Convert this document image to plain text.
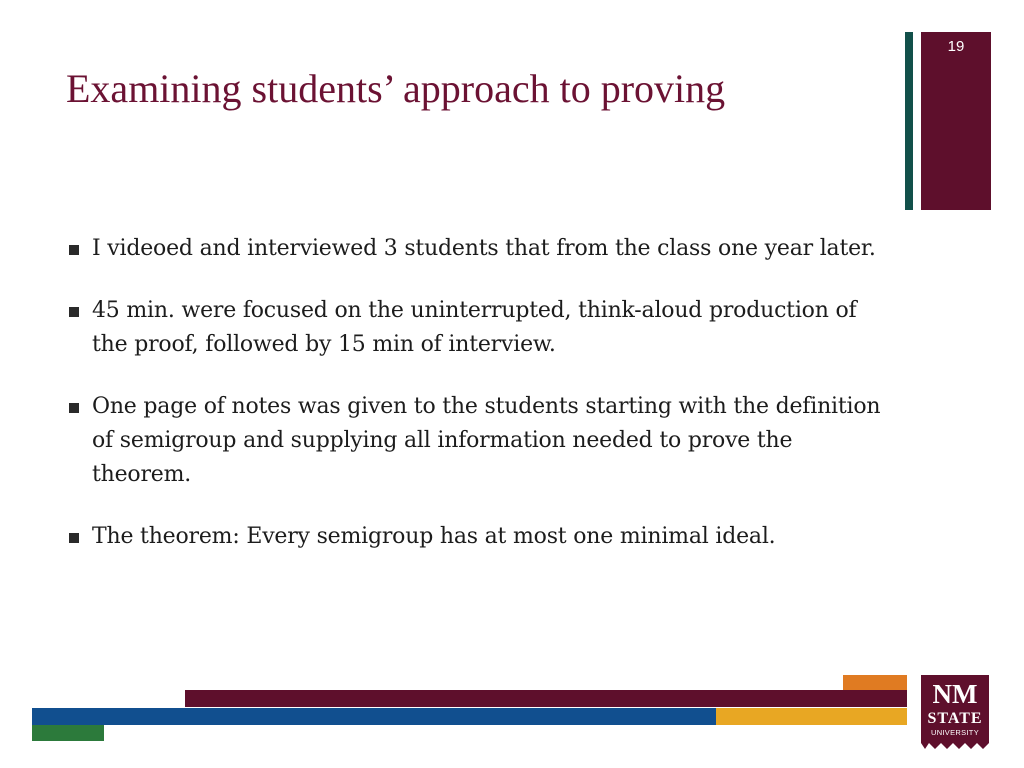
19
Examining students’ approach to proving
I videoed and interviewed 3 students that from the class one year later.
45 min. were focused on the uninterrupted, think-aloud production of the proof, followed by 15 min of interview.
One page of notes was given to the students starting with the definition of semigroup and supplying all information needed to prove the theorem.
The theorem: Every semigroup has at most one minimal ideal.
NM
STATE
UNIVERSITY
